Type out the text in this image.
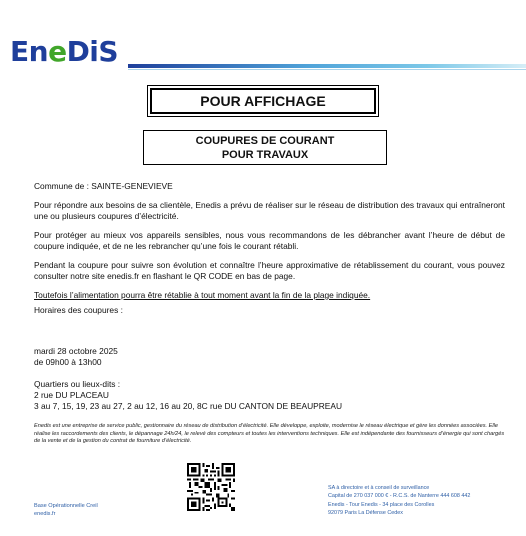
EneDiS
POUR AFFICHAGE
COUPURES DE COURANT
POUR TRAVAUX

Commune de : SAINTE-GENEVIEVE

Pour répondre aux besoins de sa clientèle, Enedis a prévu de réaliser sur le réseau de distribution des travaux qui entraîneront une ou plusieurs coupures d’électricité.

Pour protéger au mieux vos appareils sensibles, nous vous recommandons de les débrancher avant l’heure de début de coupure indiquée, et de ne les rebrancher qu’une fois le courant rétabli.

Pendant la coupure pour suivre son évolution et connaître l’heure approximative de rétablissement du courant, vous pouvez consulter notre site enedis.fr en flashant le QR CODE en bas de page.

Toutefois l’alimentation pourra être rétablie à tout moment avant la fin de la plage indiquée.

Horaires des coupures :

mardi 28 octobre 2025

de 09h00 à 13h00

Quartiers ou lieux-dits :

2 rue DU PLACEAU

3 au 7, 15, 19, 23 au 27, 2 au 12, 16 au 20, 8C rue DU CANTON DE BEAUPREAU

Enedis est une entreprise de service public, gestionnaire du réseau de distribution d’électricité. Elle développe, exploite, modernise le réseau électrique et gère les données associées. Elle réalise les raccordements des clients, le dépannage 24h/24, le relevé des compteurs et toutes les interventions techniques. Elle est indépendante des fournisseurs d’énergie qui sont chargés de la vente et de la gestion du contrat de fourniture d’électricité.
Base Opérationnelle Creil
enedis.fr
SA à directoire et à conseil de surveillance
Capital de 270 037 000 € - R.C.S. de Nanterre 444 608 442
Enedis - Tour Enedis - 34 place des Corolles
92079 Paris La Défense Cedex
